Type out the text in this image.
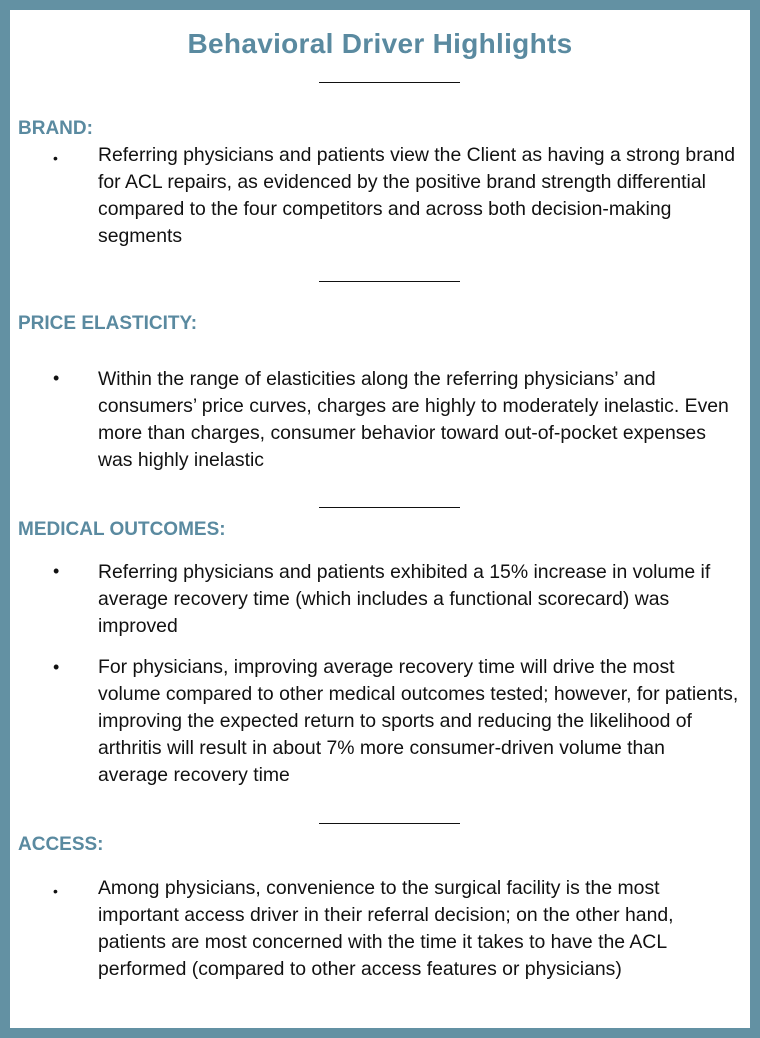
Behavioral Driver Highlights
BRAND:
• Referring physicians and patients view the Client as having a strong brand for ACL repairs, as evidenced by the positive brand strength differential compared to the four competitors and across both decision-making segments
PRICE ELASTICITY:
• Within the range of elasticities along the referring physicians’ and consumers’ price curves, charges are highly to moderately inelastic. Even more than charges, consumer behavior toward out-of-pocket expenses was highly inelastic
MEDICAL OUTCOMES:
• Referring physicians and patients exhibited a 15% increase in volume if average recovery time (which includes a functional scorecard) was improved
• For physicians, improving average recovery time will drive the most volume compared to other medical outcomes tested; however, for patients, improving the expected return to sports and reducing the likelihood of arthritis will result in about 7% more consumer-driven volume than average recovery time
ACCESS:
• Among physicians, convenience to the surgical facility is the most important access driver in their referral decision; on the other hand, patients are most concerned with the time it takes to have the ACL performed (compared to other access features or physicians)
